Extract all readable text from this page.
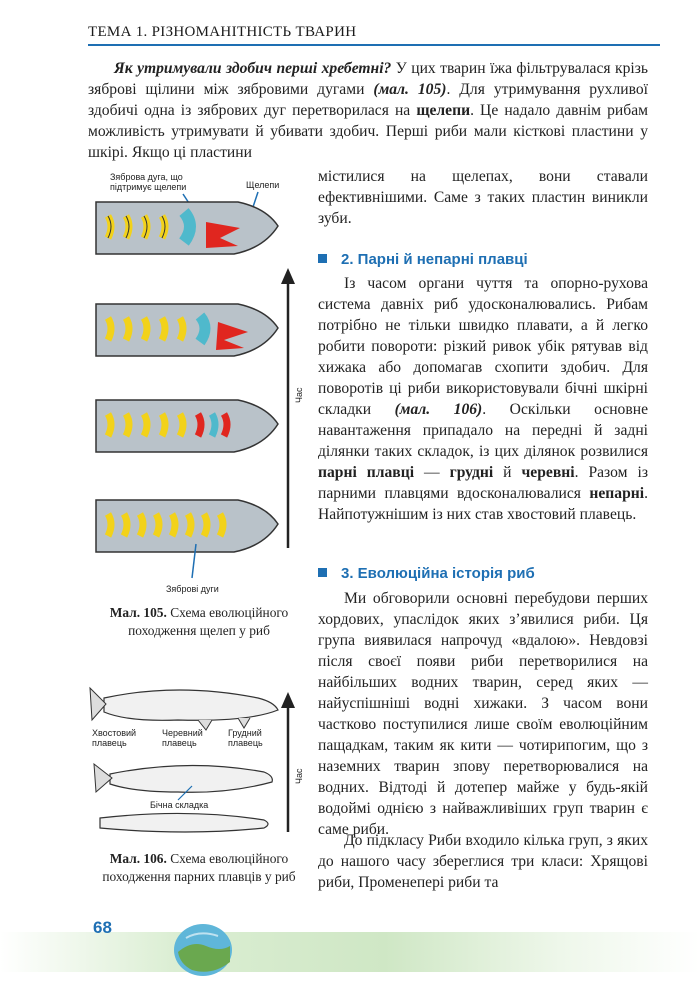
ТЕМА 1. РІЗНОМАНІТНІСТЬ ТВАРИН

Як утримували здобич перші хребетні? У цих тварин їжа фільтрувалася крізь зяброві щілини між зябровими дугами (мал. 105). Для утримування рухливої здобичі одна із зябрових дуг перетворилася на щелепи. Це надало давнім рибам можливість утримувати й убивати здобич. Перші риби мали кісткові пластини у шкірі. Якщо ці пластини

містилися на щелепах, вони ставали ефективнішими. Саме з таких пластин виникли зуби.

Зяброва дуга, що підтримує щелепи	Щелепи
Час
Зяброві дуги

Мал. 105. Схема еволюційного походження щелеп у риб

Хвостовий плавець
Черевний плавець
Грудний плавець
Бічна складка
Час

Мал. 106. Схема еволюційного походження парних плавців у риб

2. Парні й непарні плавці

Із часом органи чуття та опорно-рухова система давніх риб удосконалювались. Рибам потрібно не тільки швидко плавати, а й легко робити повороти: різкий ривок убік рятував від хижака або допомагав схопити здобич. Для поворотів ці риби використовували бічні шкірні складки (мал. 106). Оскільки основне навантаження припадало на передні й задні ділянки таких складок, із цих ділянок розвилися парні плавці — грудні й черевні. Разом із парними плавцями вдосконалювалися непарні. Найпотужнішим із них став хвостовий плавець.

3. Еволюційна історія риб

Ми обговорили основні перебудови перших хордових, упаслідок яких з’явилися риби. Ця група виявилася напрочуд «вдалою». Невдовзі після своєї появи риби перетворилися на найбільших водних тварин, серед яких — найуспішніші водні хижаки. З часом вони частково поступилися лише своїм еволюційним пащадкам, таким як кити — чотирипогим, що з наземних тварин зпову перетворювалися на водних. Відтоді й дотепер майже у будь-якій водоймі однією з найважливіших груп тварин є саме риби.

До підкласу Риби входило кілька груп, з яких до нашого часу збереглися три класи: Хрящові риби, Променепері риби та

68
